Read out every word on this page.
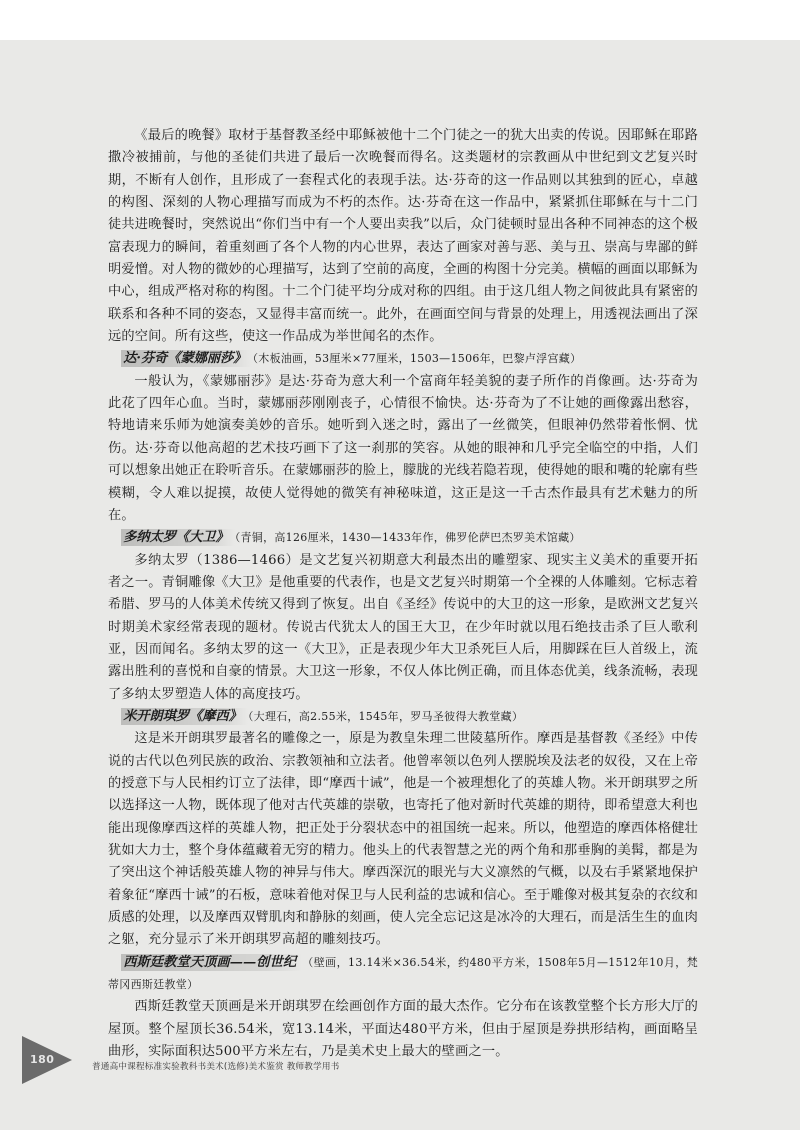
《最后的晚餐》取材于基督教圣经中耶稣被他十二个门徒之一的犹大出卖的传说。因耶稣在耶路撒冷被捕前，与他的圣徒们共进了最后一次晚餐而得名。这类题材的宗教画从中世纪到文艺复兴时期，不断有人创作，且形成了一套程式化的表现手法。达·芬奇的这一作品则以其独到的匠心，卓越的构图、深刻的人物心理描写而成为不朽的杰作。达·芬奇在这一作品中，紧紧抓住耶稣在与十二门徒共进晚餐时，突然说出“你们当中有一个人要出卖我”以后，众门徒顿时显出各种不同神态的这个极富表现力的瞬间，着重刻画了各个人物的内心世界，表达了画家对善与恶、美与丑、崇高与卑鄙的鲜明爱憎。对人物的微妙的心理描写，达到了空前的高度，全画的构图十分完美。横幅的画面以耶稣为中心，组成严格对称的构图。十二个门徒平均分成对称的四组。由于这几组人物之间彼此具有紧密的联系和各种不同的姿态，又显得丰富而统一。此外，在画面空间与背景的处理上，用透视法画出了深远的空间。所有这些，使这一作品成为举世闻名的杰作。

达·芬奇《蒙娜丽莎》 （木板油画，53厘米×77厘米，1503—1506年，巴黎卢浮宫藏）

一般认为，《蒙娜丽莎》是达·芬奇为意大利一个富商年轻美貌的妻子所作的肖像画。达·芬奇为此花了四年心血。当时，蒙娜丽莎刚刚丧子，心情很不愉快。达·芬奇为了不让她的画像露出愁容，特地请来乐师为她演奏美妙的音乐。她听到入迷之时，露出了一丝微笑，但眼神仍然带着怅惘、忧伤。达·芬奇以他高超的艺术技巧画下了这一刹那的笑容。从她的眼神和几乎完全临空的中指，人们可以想象出她正在聆听音乐。在蒙娜丽莎的脸上，朦胧的光线若隐若现，使得她的眼和嘴的轮廓有些模糊，令人难以捉摸，故使人觉得她的微笑有神秘味道，这正是这一千古杰作最具有艺术魅力的所在。

多纳太罗《大卫》 （青铜，高126厘米，1430—1433年作，佛罗伦萨巴杰罗美术馆藏）

多纳太罗（1386—1466）是文艺复兴初期意大利最杰出的雕塑家、现实主义美术的重要开拓者之一。青铜雕像《大卫》是他重要的代表作，也是文艺复兴时期第一个全裸的人体雕刻。它标志着希腊、罗马的人体美术传统又得到了恢复。出自《圣经》传说中的大卫的这一形象，是欧洲文艺复兴时期美术家经常表现的题材。传说古代犹太人的国王大卫，在少年时就以甩石绝技击杀了巨人歌利亚，因而闻名。多纳太罗的这一《大卫》，正是表现少年大卫杀死巨人后，用脚踩在巨人首级上，流露出胜利的喜悦和自豪的情景。大卫这一形象，不仅人体比例正确，而且体态优美，线条流畅，表现了多纳太罗塑造人体的高度技巧。

米开朗琪罗《摩西》 （大理石，高2.55米，1545年，罗马圣彼得大教堂藏）

这是米开朗琪罗最著名的雕像之一，原是为教皇朱理二世陵墓所作。摩西是基督教《圣经》中传说的古代以色列民族的政治、宗教领袖和立法者。他曾率领以色列人摆脱埃及法老的奴役，又在上帝的授意下与人民相约订立了法律，即“摩西十诫”，他是一个被理想化了的英雄人物。米开朗琪罗之所以选择这一人物，既体现了他对古代英雄的崇敬，也寄托了他对新时代英雄的期待，即希望意大利也能出现像摩西这样的英雄人物，把正处于分裂状态中的祖国统一起来。所以，他塑造的摩西体格健壮犹如大力士，整个身体蕴藏着无穷的精力。他头上的代表智慧之光的两个角和那垂胸的美髯，都是为了突出这个神话般英雄人物的神异与伟大。摩西深沉的眼光与大义凛然的气概，以及右手紧紧地保护着象征“摩西十诫”的石板，意味着他对保卫与人民利益的忠诚和信心。至于雕像对极其复杂的衣纹和质感的处理，以及摩西双臂肌肉和静脉的刻画，使人完全忘记这是冰冷的大理石，而是活生生的血肉之躯，充分显示了米开朗琪罗高超的雕刻技巧。

西斯廷教堂天顶画——创世纪 （壁画，13.14米×36.54米，约480平方米，1508年5月—1512年10月，梵蒂冈西斯廷教堂）

西斯廷教堂天顶画是米开朗琪罗在绘画创作方面的最大杰作。它分布在该教堂整个长方形大厅的屋顶。整个屋顶长36.54米，宽13.14米，平面达480平方米，但由于屋顶是券拱形结构，画面略呈曲形，实际面积达500平方米左右，乃是美术史上最大的壁画之一。

180
普通高中课程标准实验教科书美术(选修)美术鉴赏 教师教学用书
